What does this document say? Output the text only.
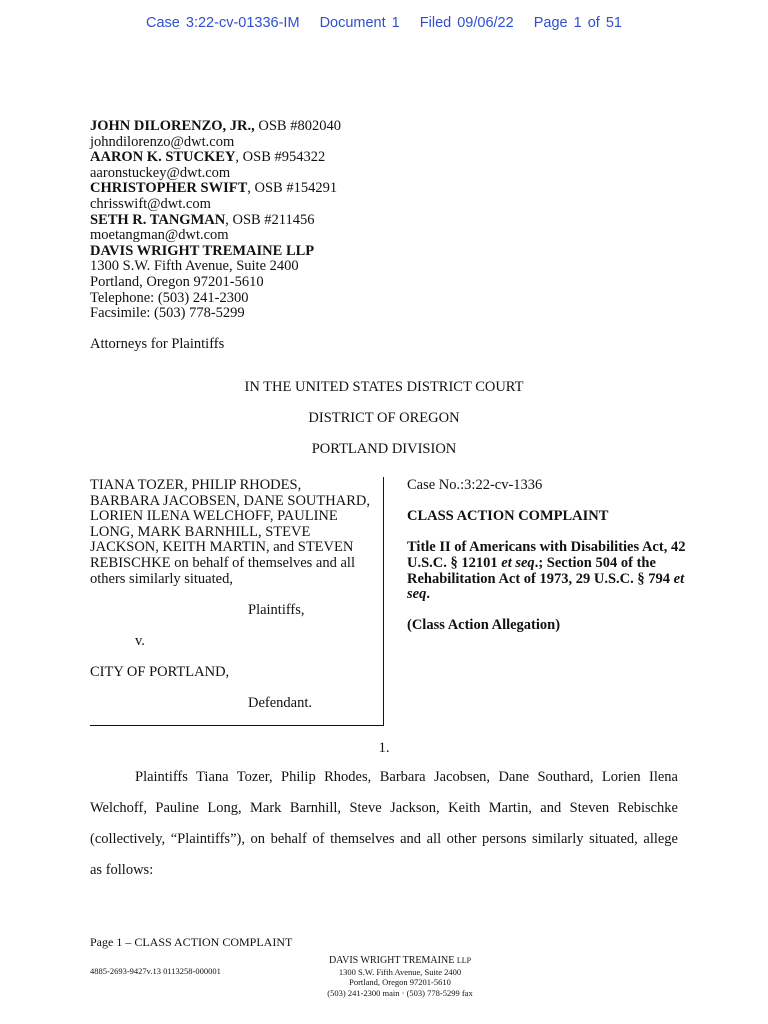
Case 3:22-cv-01336-IM Document 1 Filed 09/06/22 Page 1 of 51
JOHN DILORENZO, JR., OSB #802040
johndilorenzo@dwt.com
AARON K. STUCKEY, OSB #954322
aaronstuckey@dwt.com
CHRISTOPHER SWIFT, OSB #154291
chrisswift@dwt.com
SETH R. TANGMAN, OSB #211456
moetangman@dwt.com
DAVIS WRIGHT TREMAINE LLP
1300 S.W. Fifth Avenue, Suite 2400
Portland, Oregon 97201-5610
Telephone: (503) 241-2300
Facsimile: (503) 778-5299
Attorneys for Plaintiffs
IN THE UNITED STATES DISTRICT COURT
DISTRICT OF OREGON
PORTLAND DIVISION
TIANA TOZER, PHILIP RHODES,
BARBARA JACOBSEN, DANE SOUTHARD,
LORIEN ILENA WELCHOFF, PAULINE
LONG, MARK BARNHILL, STEVE
JACKSON, KEITH MARTIN, and STEVEN
REBISCHKE on behalf of themselves and all
others similarly situated,
Plaintiffs,
v.
CITY OF PORTLAND,
Defendant.
Case No.:3:22-cv-1336
CLASS ACTION COMPLAINT
Title II of Americans with Disabilities Act, 42 U.S.C. § 12101 et seq.; Section 504 of the Rehabilitation Act of 1973, 29 U.S.C. § 794 et seq.
(Class Action Allegation)
1.
Plaintiffs Tiana Tozer, Philip Rhodes, Barbara Jacobsen, Dane Southard, Lorien Ilena
Welchoff, Pauline Long, Mark Barnhill, Steve Jackson, Keith Martin, and Steven Rebischke
(collectively, “Plaintiffs”), on behalf of themselves and all other persons similarly situated, allege
as follows:
Page 1 – CLASS ACTION COMPLAINT
4885-2693-9427v.13 0113258-000001
DAVIS WRIGHT TREMAINE LLP
1300 S.W. Fifth Avenue, Suite 2400
Portland, Oregon 97201-5610
(503) 241-2300 main · (503) 778-5299 fax
